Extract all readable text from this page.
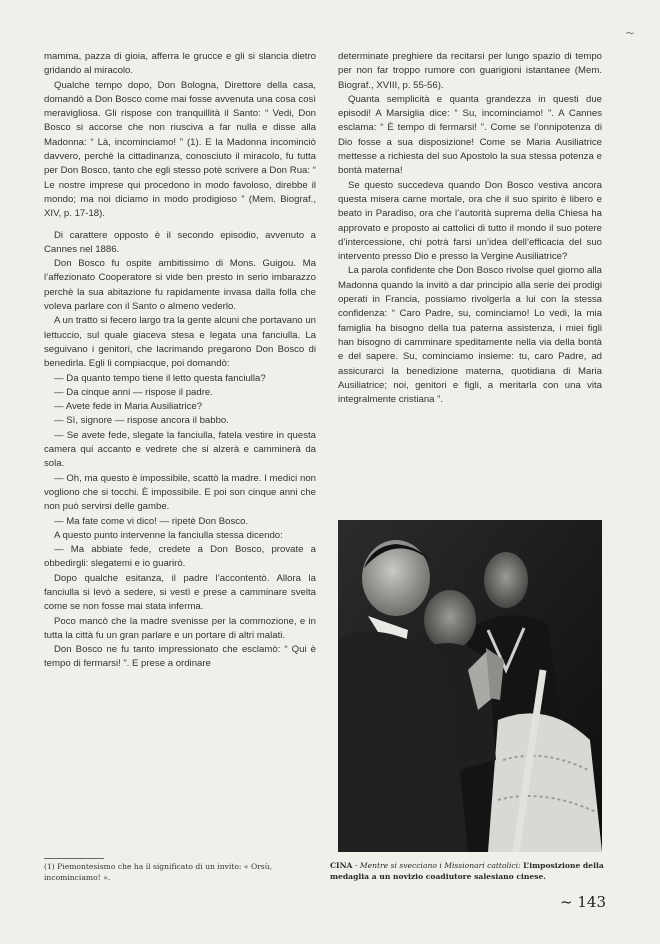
~

mamma, pazza di gioia, afferra le grucce e gli si slancia dietro gridando al miracolo.

Qualche tempo dopo, Don Bologna, Direttore della casa, domandò a Don Bosco come mai fosse avvenuta una cosa così meravigliosa. Gli rispose con tranquillità il Santo: “ Vedi, Don Bosco si accorse che non riusciva a far nulla e disse alla Madonna: “ Là, incominciamo! ” (1). E la Madonna incominciò davvero, perchè la cittadinanza, conosciuto il miracolo, fu tutta per Don Bosco, tanto che egli stesso potè scrivere a Don Rua: “ Le nostre imprese qui procedono in modo favoloso, direbbe il mondo; ma noi diciamo in modo prodigioso ” (Mem. Biograf., XIV, p. 17-18).

Di carattere opposto è il secondo episodio, avvenuto a Cannes nel 1886.

Don Bosco fu ospite ambitissimo di Mons. Guigou. Ma l’affezionato Cooperatore si vide ben presto in serio imbarazzo perchè la sua abitazione fu rapidamente invasa dalla folla che voleva parlare con il Santo o almeno vederlo.

A un tratto si fecero largo tra la gente alcuni che portavano un lettuccio, sul quale giaceva stesa e legata una fanciulla. La seguivano i genitori, che lacrimando pregarono Don Bosco di benedirla. Egli li compiacque, poi domandò:

— Da quanto tempo tiene il letto questa fanciulla?

— Da cinque anni — rispose il padre.

— Avete fede in Maria Ausiliatrice?

— Sì, signore — rispose ancora il babbo.

— Se avete fede, slegate la fanciulla, fatela vestire in questa camera qui accanto e vedrete che si alzerà e camminerà da sola.

— Oh, ma questo è impossibile, scattò la madre. I medici non vogliono che si tocchi. È impossibile. E poi son cinque anni che non può servirsi delle gambe.

— Ma fate come vi dico! — ripetè Don Bosco.

A questo punto intervenne la fanciulla stessa dicendo:

— Ma abbiate fede, credete a Don Bosco, provate a obbedirgli: slegatemi e io guarirò.

Dopo qualche esitanza, il padre l’accontentò. Allora la fanciulla si levò a sedere, si vestì e prese a camminare svelta come se non fosse mai stata inferma.

Poco mancò che la madre svenisse per la commozione, e in tutta la città fu un gran parlare e un portare di altri malati.

Don Bosco ne fu tanto impressionato che esclamò: “ Qui è tempo di fermarsi! ”. E prese a ordinare

(1) Piemontesismo che ha il significato di un invito: « Orsù, incominciamo! ».

determinate preghiere da recitarsi per lungo spazio di tempo per non far troppo rumore con guarigioni istantanee (Mem. Biograf., XVIII, p. 55-56).

Quanta semplicità e quanta grandezza in questi due episodi! A Marsiglia dice: “ Su, incominciamo! ”. A Cannes esclama: “ È tempo di fermarsi! ”. Come se l’onnipotenza di Dio fosse a sua disposizione! Come se Maria Ausiliatrice mettesse a richiesta del suo Apostolo la sua stessa potenza e bontà materna!

Se questo succedeva quando Don Bosco vestiva ancora questa misera carne mortale, ora che il suo spirito è libero e beato in Paradiso, ora che l’autorità suprema della Chiesa ha approvato e proposto ai cattolici di tutto il mondo il suo potere d’intercessione, chi potrà farsi un’idea dell’efficacia del suo intervento presso Dio e presso la Vergine Ausiliatrice?

La parola confidente che Don Bosco rivolse quel giorno alla Madonna quando la invitò a dar principio alla serie dei prodigi operati in Francia, possiamo rivolgerla a lui con la stessa confidenza: “ Caro Padre, su, cominciamo! Lo vedi, la mia famiglia ha bisogno della tua paterna assistenza, i miei figli han bisogno di camminare speditamente nella via della bontà e del sapere. Su, cominciamo insieme: tu, caro Padre, ad assicurarci la benedizione materna, quotidiana di Maria Ausiliatrice; noi, genitori e figli, a meritarla con una vita integralmente cristiana ”.

CINA - Mentre si svecciano i Missionari cattolici: L’imposizione della medaglia a un novizio coadiutore salesiano cinese.
~ 143
